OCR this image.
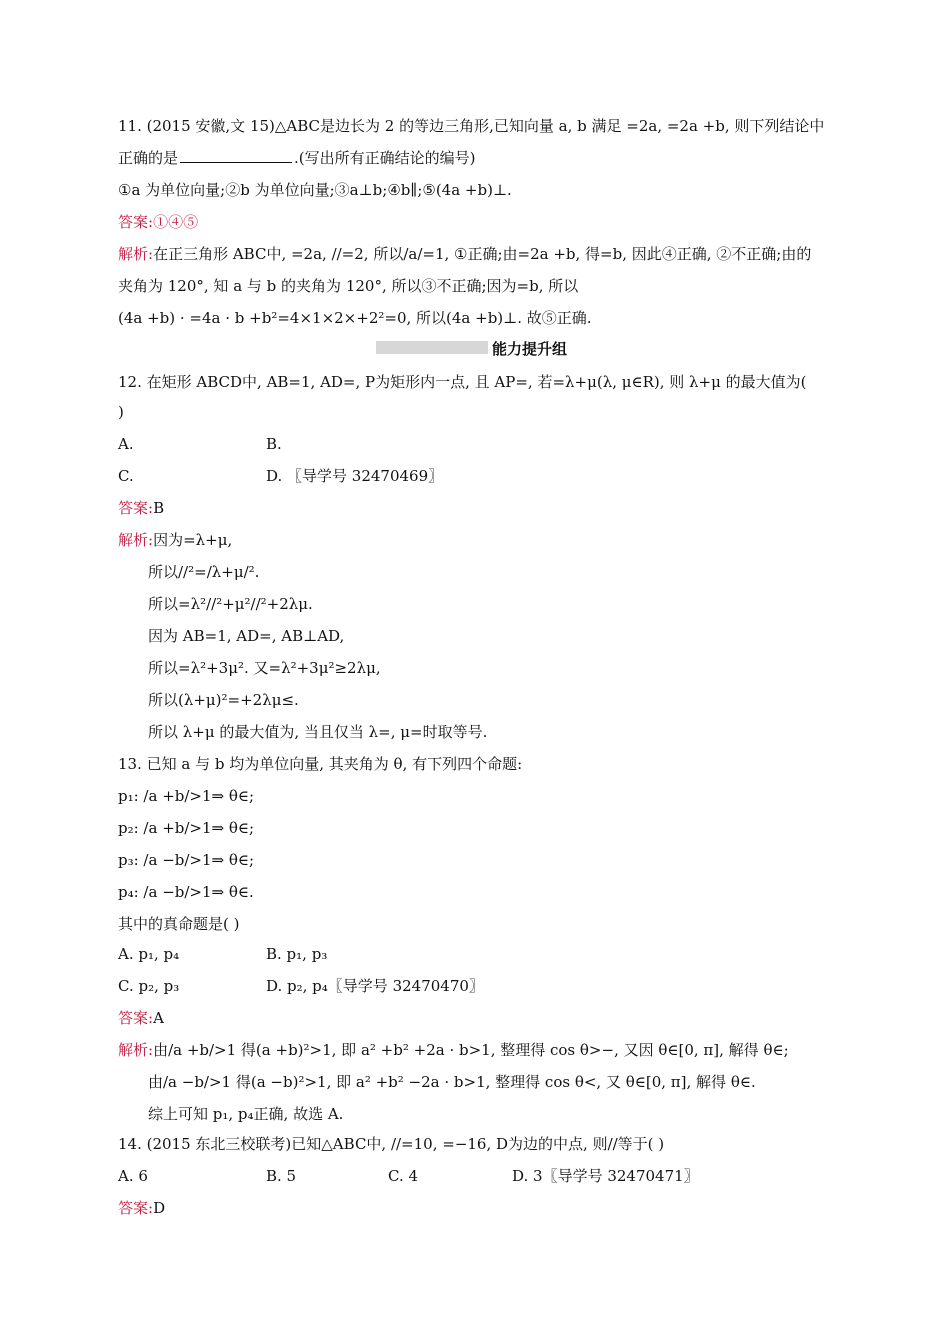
11. (2015 安徽,文 15)△ABC是边长为 2 的等边三角形,已知向量 a, b 满足 =2a, =2a +b, 则下列结论中
正确的是	.(写出所有正确结论的编号)
①a 为单位向量;②b 为单位向量;③a⊥b;④b∥;⑤(4a +b)⊥.
答案:①④⑤
解析:在正三角形 ABC中, =2a, //=2, 所以/a/=1, ①正确;由=2a +b, 得=b, 因此④正确, ②不正确;由的
夹角为 120°, 知 a 与 b 的夹角为 120°, 所以③不正确;因为=b, 所以
(4a +b) · =4a · b +b²=4×1×2×+2²=0, 所以(4a +b)⊥. 故⑤正确.
能力提升组
12. 在矩形 ABCD中, AB=1, AD=, P为矩形内一点, 且 AP=, 若=λ+μ(λ, μ∈R), 则 λ+μ 的最大值为(
)
A.	B.
C.	D. 〖导学号 32470469〗
答案:B
解析:因为=λ+μ,
所以//²=/λ+μ/².
所以=λ²//²+μ²//²+2λμ.
因为 AB=1, AD=, AB⊥AD,
所以=λ²+3μ². 又=λ²+3μ²≥2λμ,
所以(λ+μ)²=+2λμ≤.
所以 λ+μ 的最大值为, 当且仅当 λ=, μ=时取等号.
13. 已知 a 与 b 均为单位向量, 其夹角为 θ, 有下列四个命题:
p₁: /a +b/>1⇒ θ∈;
p₂: /a +b/>1⇒ θ∈;
p₃: /a −b/>1⇒ θ∈;
p₄: /a −b/>1⇒ θ∈.
其中的真命题是( )
A. p₁, p₄	B. p₁, p₃
C. p₂, p₃	D. p₂, p₄〖导学号 32470470〗
答案:A
解析:由/a +b/>1 得(a +b)²>1, 即 a² +b² +2a · b>1, 整理得 cos θ>−, 又因 θ∈[0, π], 解得 θ∈;
由/a −b/>1 得(a −b)²>1, 即 a² +b² −2a · b>1, 整理得 cos θ<, 又 θ∈[0, π], 解得 θ∈.
综上可知 p₁, p₄正确, 故选 A.
14. (2015 东北三校联考)已知△ABC中, //=10, =−16, D为边的中点, 则//等于( )
A. 6	B. 5	C. 4	D. 3〖导学号 32470471〗
答案:D
